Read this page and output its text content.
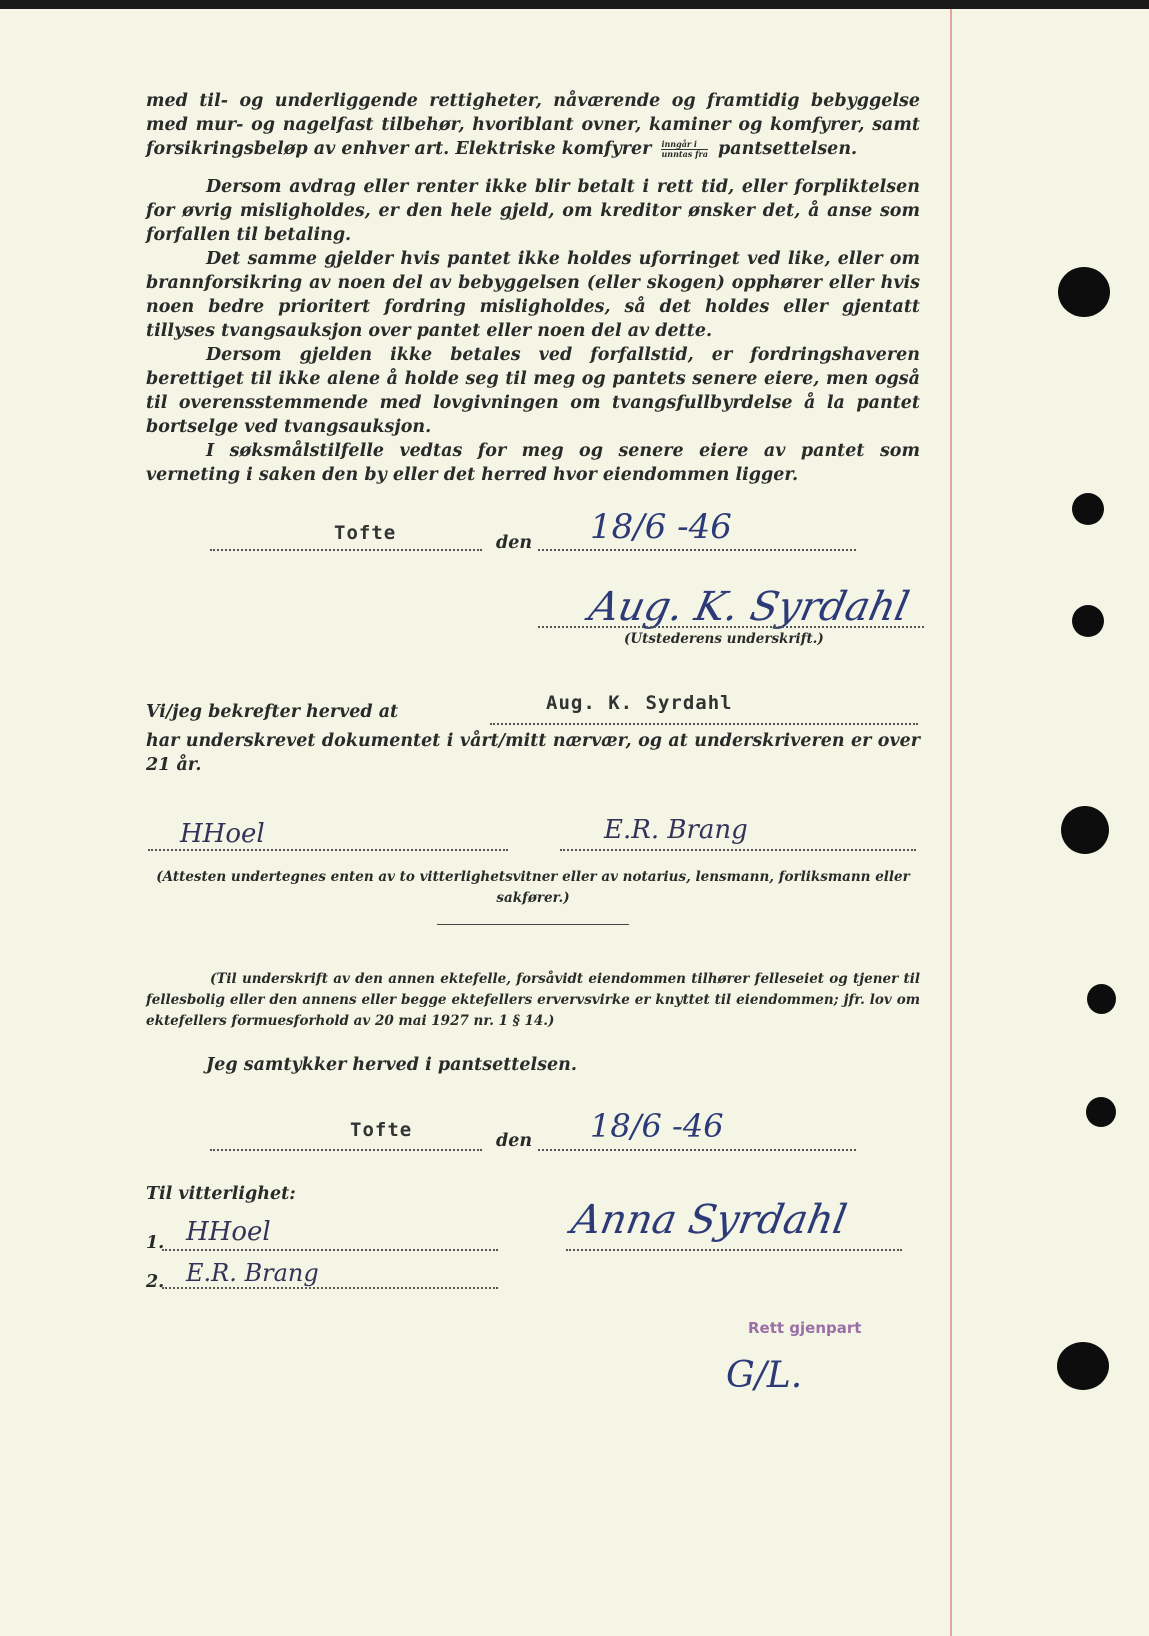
med til- og underliggende rettigheter, nåværende og framtidig bebyggelse med mur- og nagelfast tilbehør, hvoriblant ovner, kaminer og komfyrer, samt forsikringsbeløp av enhver art. Elektriske komfyrer $\frac{\text{inngår i}}{\text{unntas fra}}$ pantsettelsen.

Dersom avdrag eller renter ikke blir betalt i rett tid, eller forpliktelsen for øvrig misligholdes, er den hele gjeld, om kreditor ønsker det, å anse som forfallen til betaling.

Det samme gjelder hvis pantet ikke holdes uforringet ved like, eller om brannforsikring av noen del av bebyggelsen (eller skogen) opphører eller hvis noen bedre prioritert fordring misligholdes, så det holdes eller gjentatt tillyses tvangsauksjon over pantet eller noen del av dette.

Dersom gjelden ikke betales ved forfallstid, er fordringshaveren berettiget til ikke alene å holde seg til meg og pantets senere eiere, men også til overensstemmende med lovgivningen om tvangsfullbyrdelse å la pantet bortselge ved tvangsauksjon.

I søksmålstilfelle vedtas for meg og senere eiere av pantet som verneting i saken den by eller det herred hvor eiendommen ligger.

Tofte	den 18/6 -46
Aug. K. Syrdahl
(Utstederens underskrift.)
Vi/jeg bekrefter herved at	Aug. K. Syrdahl

har underskrevet dokumentet i vårt/mitt nærvær, og at underskriveren er over 21 år.

HHoel	E.R. Brang

(Attesten undertegnes enten av to vitterlighetsvitner eller av notarius, lensmann, forliksmann eller sakfører.)

(Til underskrift av den annen ektefelle, forsåvidt eiendommen tilhører felleseiet og tjener til fellesbolig eller den annens eller begge ektefellers ervervsvirke er knyttet til eiendommen; jfr. lov om ektefellers formuesforhold av 20 mai 1927 nr. 1 § 14.)

Jeg samtykker herved i pantsettelsen.

Tofte	den 18/6 -46
Til vitterlighet:
1. HHoel
2. E.R. Brang
Anna Syrdahl
Rett gjenpart
G/L.
